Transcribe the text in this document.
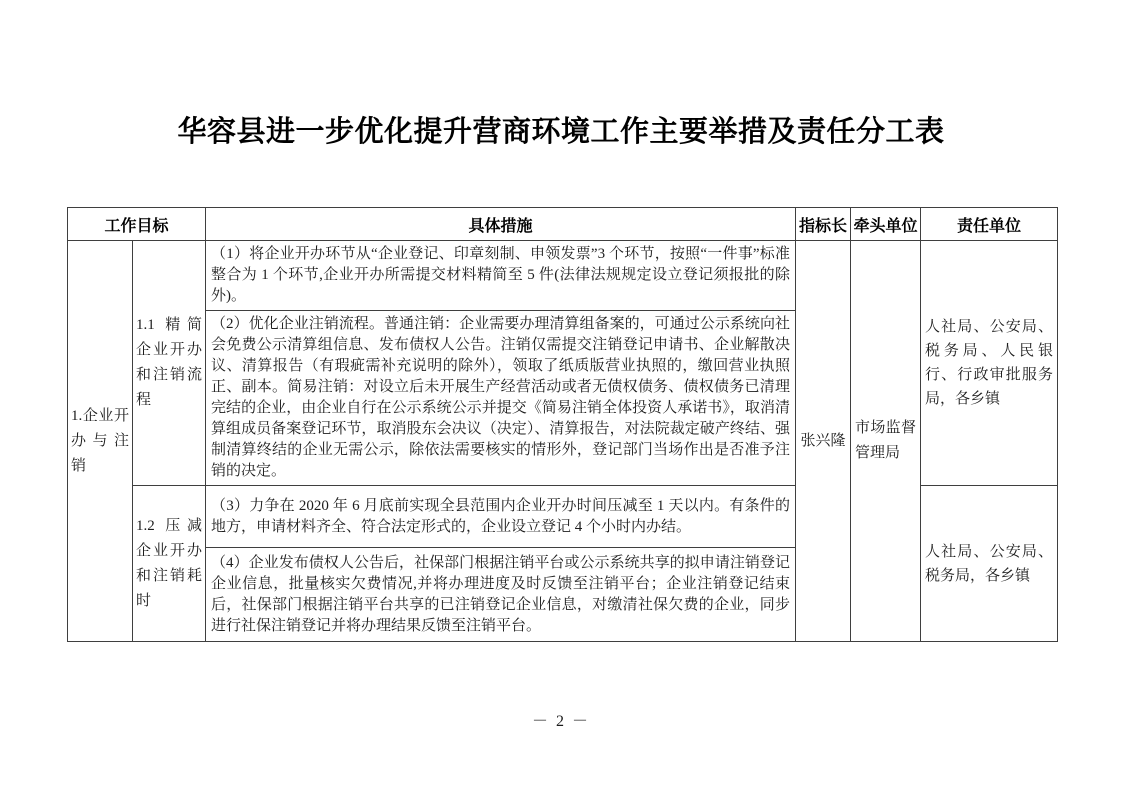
华容县进一步优化提升营商环境工作主要举措及责任分工表
工作目标		具体措施	指标长	牵头单位	责任单位
1.企业开办与注销	1.1 精简企业开办和注销流程	（1）将企业开办环节从“企业登记、印章刻制、申领发票”3 个环节，按照“一件事”标准整合为 1 个环节,企业开办所需提交材料精简至 5 件(法律法规规定设立登记须报批的除外)。	张兴隆	市场监督管理局	人社局、公安局、税务局、人民银行、行政审批服务局，各乡镇
		（2）优化企业注销流程。普通注销：企业需要办理清算组备案的，可通过公示系统向社会免费公示清算组信息、发布债权人公告。注销仅需提交注销登记申请书、企业解散决议、清算报告（有瑕疵需补充说明的除外），领取了纸质版营业执照的，缴回营业执照正、副本。简易注销：对设立后未开展生产经营活动或者无债权债务、债权债务已清理完结的企业，由企业自行在公示系统公示并提交《简易注销全体投资人承诺书》，取消清算组成员备案登记环节，取消股东会决议（决定）、清算报告，对法院裁定破产终结、强制清算终结的企业无需公示，除依法需要核实的情形外，登记部门当场作出是否准予注销的决定。			
	1.2 压减企业开办和注销耗时	（3）力争在 2020 年 6 月底前实现全县范围内企业开办时间压减至 1 天以内。有条件的地方，申请材料齐全、符合法定形式的，企业设立登记 4 个小时内办结。			人社局、公安局、税务局，各乡镇
		（4）企业发布债权人公告后，社保部门根据注销平台或公示系统共享的拟申请注销登记企业信息，批量核实欠费情况,并将办理进度及时反馈至注销平台；企业注销登记结束后，社保部门根据注销平台共享的已注销登记企业信息，对缴清社保欠费的企业，同步进行社保注销登记并将办理结果反馈至注销平台。			
－ 2 －
